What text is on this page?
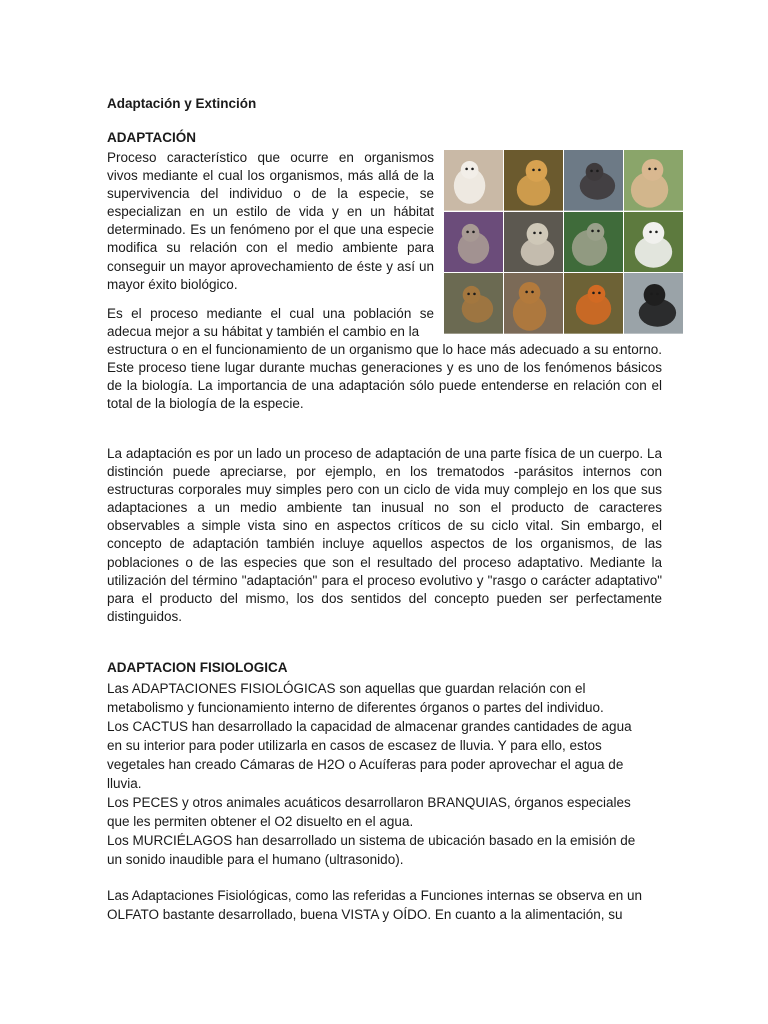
Adaptación y Extinción
ADAPTACIÓN

Proceso característico que ocurre en organismos vivos mediante el cual los organismos, más allá de la supervivencia del individuo o de la especie, se especializan en un estilo de vida y en un hábitat determinado. Es un fenómeno por el que una especie modifica su relación con el medio ambiente para conseguir un mayor aprovechamiento de éste y así un mayor éxito biológico.

Es el proceso mediante el cual una población se adecua mejor a su hábitat y también el cambio en la

estructura o en el funcionamiento de un organismo que lo hace más adecuado a su entorno. Este proceso tiene lugar durante muchas generaciones y es uno de los fenómenos básicos de la biología. La importancia de una adaptación sólo puede entenderse en relación con el total de la biología de la especie.

La adaptación es por un lado un proceso de adaptación de una parte física de un cuerpo. La distinción puede apreciarse, por ejemplo, en los trematodos -parásitos internos con estructuras corporales muy simples pero con un ciclo de vida muy complejo en los que sus adaptaciones a un medio ambiente tan inusual no son el producto de caracteres observables a simple vista sino en aspectos críticos de su ciclo vital. Sin embargo, el concepto de adaptación también incluye aquellos aspectos de los organismos, de las poblaciones o de las especies que son el resultado del proceso adaptativo. Mediante la utilización del término "adaptación" para el proceso evolutivo y "rasgo o carácter adaptativo" para el producto del mismo, los dos sentidos del concepto pueden ser perfectamente distinguidos.

ADAPTACION FISIOLOGICA
Las ADAPTACIONES FISIOLÓGICAS son aquellas que guardan relación con el
metabolismo y funcionamiento interno de diferentes órganos o partes del individuo.
Los CACTUS han desarrollado la capacidad de almacenar grandes cantidades de agua
en su interior para poder utilizarla en casos de escasez de lluvia. Y para ello, estos
vegetales han creado Cámaras de H2O o Acuíferas para poder aprovechar el agua de
lluvia.
Los PECES y otros animales acuáticos desarrollaron BRANQUIAS, órganos especiales
que les permiten obtener el O2 disuelto en el agua.
Los MURCIÉLAGOS han desarrollado un sistema de ubicación basado en la emisión de
un sonido inaudible para el humano (ultrasonido).
Las Adaptaciones Fisiológicas, como las referidas a Funciones internas se observa en un
OLFATO bastante desarrollado, buena VISTA y OÍDO. En cuanto a la alimentación, su
